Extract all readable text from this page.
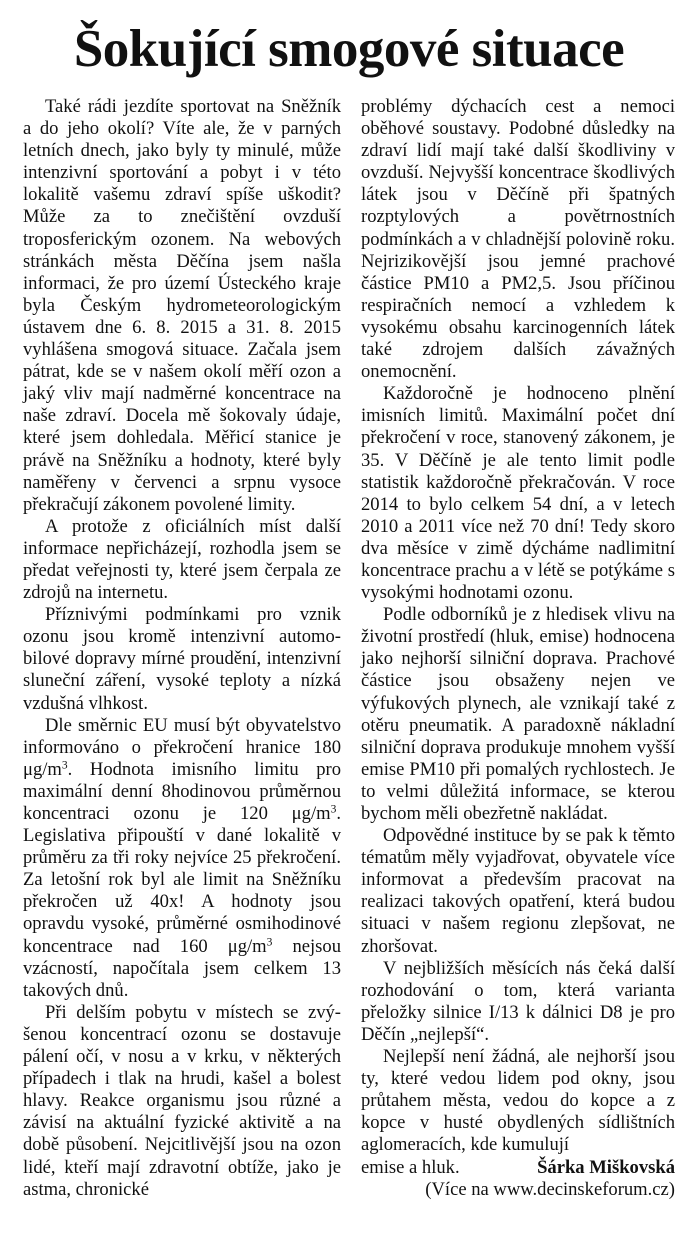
Šokující smogové situace

Také rádi jezdíte sportovat na Sněžník a do jeho okolí? Víte ale, že v parných letních dnech, jako byly ty minulé, může intenzivní sportování a pobyt i v této lokalitě vašemu zdraví spíše uškodit? Může za to znečištění ovzduší troposferickým ozonem. Na webových stránkách města Děčína jsem našla informaci, že pro území Ústeckého kraje byla Českým hydrometeorologickým ústavem dne 6. 8. 2015 a 31. 8. 2015 vyhlášena smogová situace. Začala jsem pátrat, kde se v našem okolí měří ozon a jaký vliv mají nadměrné koncentrace na naše zdraví. Docela mě šokovaly údaje, které jsem dohledala. Měřicí stanice je právě na Sněžníku a hodnoty, které byly naměřeny v červenci a srpnu vysoce překračují zákonem povolené limity.

A protože z oficiálních míst další informace nepřicházejí, rozhodla jsem se předat veřejnosti ty, které jsem čerpala ze zdrojů na internetu.

Příznivými podmínkami pro vznik ozonu jsou kromě intenzivní automobilové dopravy mírné proudění, intenzivní sluneční záření, vysoké teploty a nízká vzdušná vlhkost.

Dle směrnic EU musí být obyvatelstvo informováno o překročení hranice 180 $\mu g/m^3$. Hodnota imisního limitu pro maximální denní 8hodinovou průměrnou koncentraci ozonu je 120 $\mu g/m^3$. Legislativa připouští v dané lokalitě v průměru za tři roky nejvíce 25 překročení. Za letošní rok byl ale limit na Sněžníku překročen už 40x! A hodnoty jsou opravdu vysoké, průměrné osmihodinové koncentrace nad 160 $\mu g/m^3$ nejsou vzácností, napočítala jsem celkem 13 takových dnů.

Při delším pobytu v místech se zvýšenou koncentrací ozonu se dostavuje pálení očí, v nosu a v krku, v některých případech i tlak na hrudi, kašel a bolest hlavy. Reakce organismu jsou různé a závisí na aktuální fyzické aktivitě a na době působení. Nejcitlivější jsou na ozon lidé, kteří mají zdravotní obtíže, jako je astma, chronické

problémy dýchacích cest a nemoci oběhové soustavy. Podobné důsledky na zdraví lidí mají také další škodliviny v ovzduší. Nejvyšší koncentrace škodlivých látek jsou v Děčíně při špatných rozptylových a povětrnostních podmínkách a v chladnější polovině roku. Nejrizikovější jsou jemné prachové částice PM10 a PM2,5. Jsou příčinou respiračních nemocí a vzhledem k vysokému obsahu karcinogenních látek také zdrojem dalších závažných onemocnění.

Každoročně je hodnoceno plnění imisních limitů. Maximální počet dní překročení v roce, stanovený zákonem, je 35. V Děčíně je ale tento limit podle statistik každoročně překračován. V roce 2014 to bylo celkem 54 dní, a v letech 2010 a 2011 více než 70 dní! Tedy skoro dva měsíce v zimě dýcháme nadlimitní koncentrace prachu a v létě se potýkáme s vysokými hodnotami ozonu.

Podle odborníků je z hledisek vlivu na životní prostředí (hluk, emise) hodnocena jako nejhorší silniční doprava. Prachové částice jsou obsaženy nejen ve výfukových plynech, ale vznikají také z otěru pneumatik. A paradoxně nákladní silniční doprava produkuje mnohem vyšší emise PM10 při pomalých rychlostech. Je to velmi důležitá informace, se kterou bychom měli obezřetně nakládat.

Odpovědné instituce by se pak k těmto tématům měly vyjadřovat, obyvatele více informovat a především pracovat na realizaci takových opatření, která budou situaci v našem regionu zlepšovat, ne zhoršovat.

V nejbližších měsících nás čeká další rozhodování o tom, která varianta přeložky silnice I/13 k dálnici D8 je pro Děčín „nejlepší“.

Nejlepší není žádná, ale nejhorší jsou ty, které vedou lidem pod okny, jsou průtahem města, vedou do kopce a z kopce v husté obydlených sídlištních aglomeracích, kde kumulují

emise a hluk.	Šárka Miškovská

(Více na www.decinskeforum.cz)
